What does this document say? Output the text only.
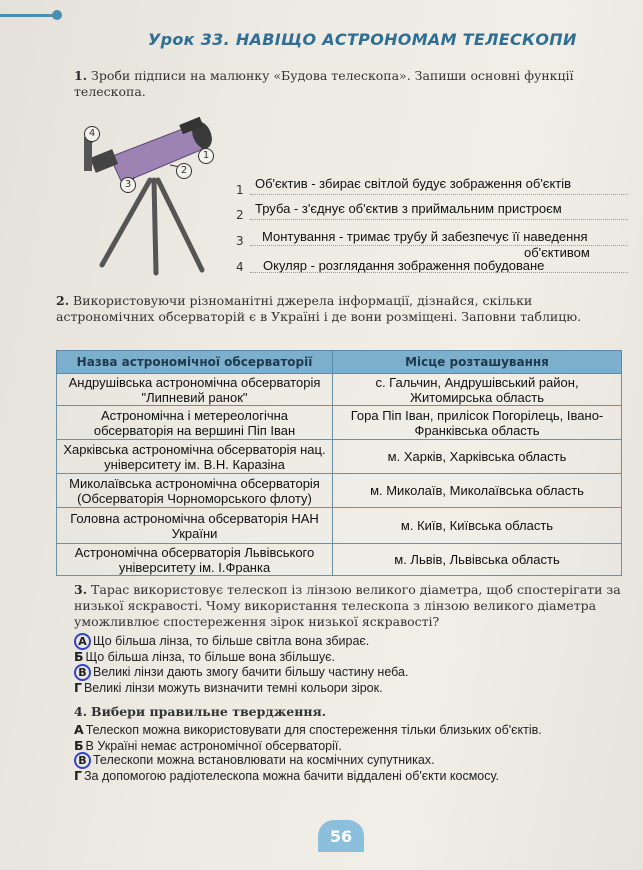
Урок 33. НАВІЩО АСТРОНОМАМ ТЕЛЕСКОПИ
1. Зроби підписи на малюнку «Будова телескопа». Запиши основні функції телескопа.
4
1
2
3	1 Об'єктив - збирає світлой будує зображення об'єктів
2 Труба - з'єднує об'єктив з приймальним пристроєм
3 Монтування - тримає трубу й забезпечує її наведення
об'єктивом
4 Окуляр - розглядання зображення побудоване
2. Використовуючи різноманітні джерела інформації, дізнайся, скільки астрономічних обсерваторій є в Україні і де вони розміщені. Заповни таблицю.
Назва астрономічної обсерваторії	Місце розташування
Андрушівська астрономічна обсерваторія "Липневий ранок"	с. Гальчин, Андрушівський район, Житомирська область
Астрономічна і метереологічна обсерваторія на вершині Піп Іван	Гора Піп Іван, прилісок Погорілець, Івано-Франківська область
Харківська астрономічна обсерваторія нац. університету ім. В.Н. Каразіна	м. Харків, Харківська область
Миколаївська астрономічна обсерваторія (Обсерваторія Чорноморського флоту)	м. Миколаїв, Миколаївська область
Головна астрономічна обсерваторія НАН України	м. Київ, Київська область
Астрономічна обсерваторія Львівського університету ім. І.Франка	м. Львів, Львівська область
3. Тарас використовує телескоп із лінзою великого діаметра, щоб спостерігати за низької яскравості. Чому використання телескопа з лінзою великого діаметра уможливлює спостереження зірок низької яскравості?
А Що більша лінза, то більше світла вона збирає.
Б Що більша лінза, то більше вона збільшує.
В Великі лінзи дають змогу бачити більшу частину неба.
Г Великі лінзи можуть визначити темні кольори зірок.
4. Вибери правильне твердження.
А Телескоп можна використовувати для спостереження тільки близьких об'єктів.
Б В Україні немає астрономічної обсерваторії.
В Телескопи можна встановлювати на космічних супутниках.
Г За допомогою радіотелескопа можна бачити віддалені об'єкти космосу.
56
